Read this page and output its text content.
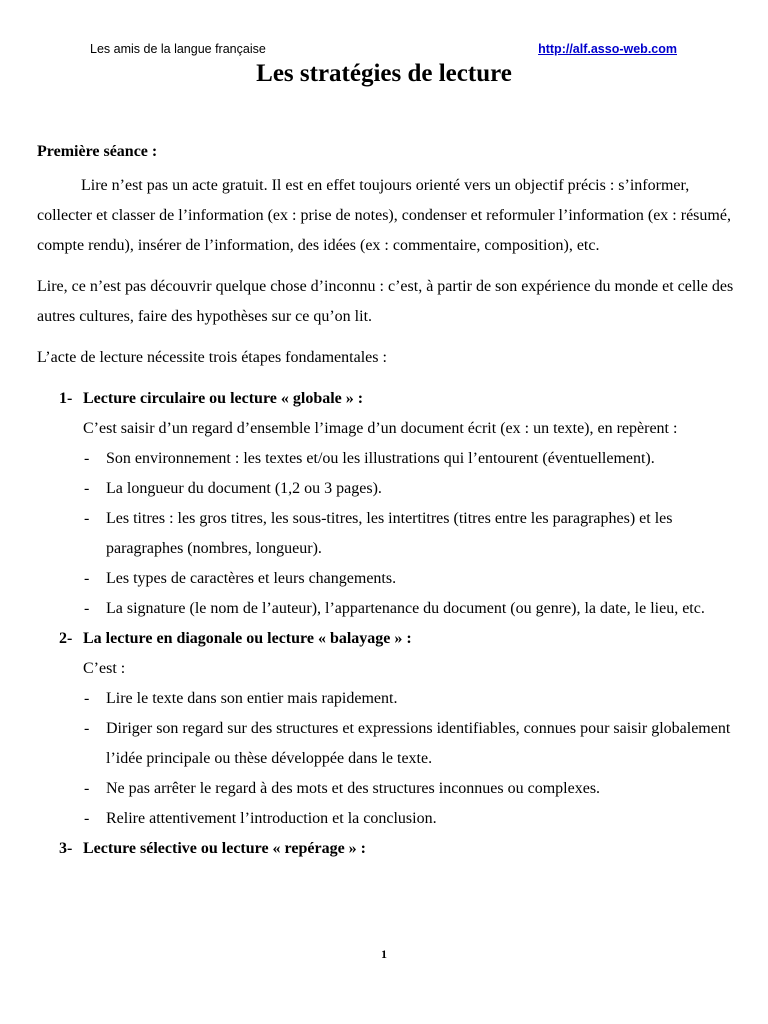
Les amis de la langue française	http://alf.asso-web.com
Les stratégies de lecture

Première séance :

Lire n’est pas un acte gratuit. Il est en effet toujours orienté vers un objectif précis : s’informer, collecter et classer de l’information (ex : prise de notes), condenser et reformuler l’information (ex : résumé, compte rendu), insérer de l’information, des idées (ex : commentaire, composition), etc.

Lire, ce n’est pas découvrir quelque chose d’inconnu : c’est, à partir de son expérience du monde et celle des autres cultures, faire des hypothèses sur ce qu’on lit.

L’acte de lecture nécessite trois étapes fondamentales :

1- Lecture circulaire ou lecture « globale » :

C’est saisir d’un regard d’ensemble l’image d’un document écrit (ex : un texte), en repèrent :

- Son environnement : les textes et/ou les illustrations qui l’entourent (éventuellement).

- La longueur du document (1,2 ou 3 pages).

- Les titres : les gros titres, les sous-titres, les intertitres (titres entre les paragraphes) et les paragraphes (nombres, longueur).

- Les types de caractères et leurs changements.

- La signature (le nom de l’auteur), l’appartenance du document (ou genre), la date, le lieu, etc.

2- La lecture en diagonale ou lecture « balayage » :

C’est :

- Lire le texte dans son entier mais rapidement.

- Diriger son regard sur des structures et expressions identifiables, connues pour saisir globalement l’idée principale ou thèse développée dans le texte.

- Ne pas arrêter le regard à des mots et des structures inconnues ou complexes.

- Relire attentivement l’introduction et la conclusion.

3- Lecture sélective ou lecture « repérage » :

1
